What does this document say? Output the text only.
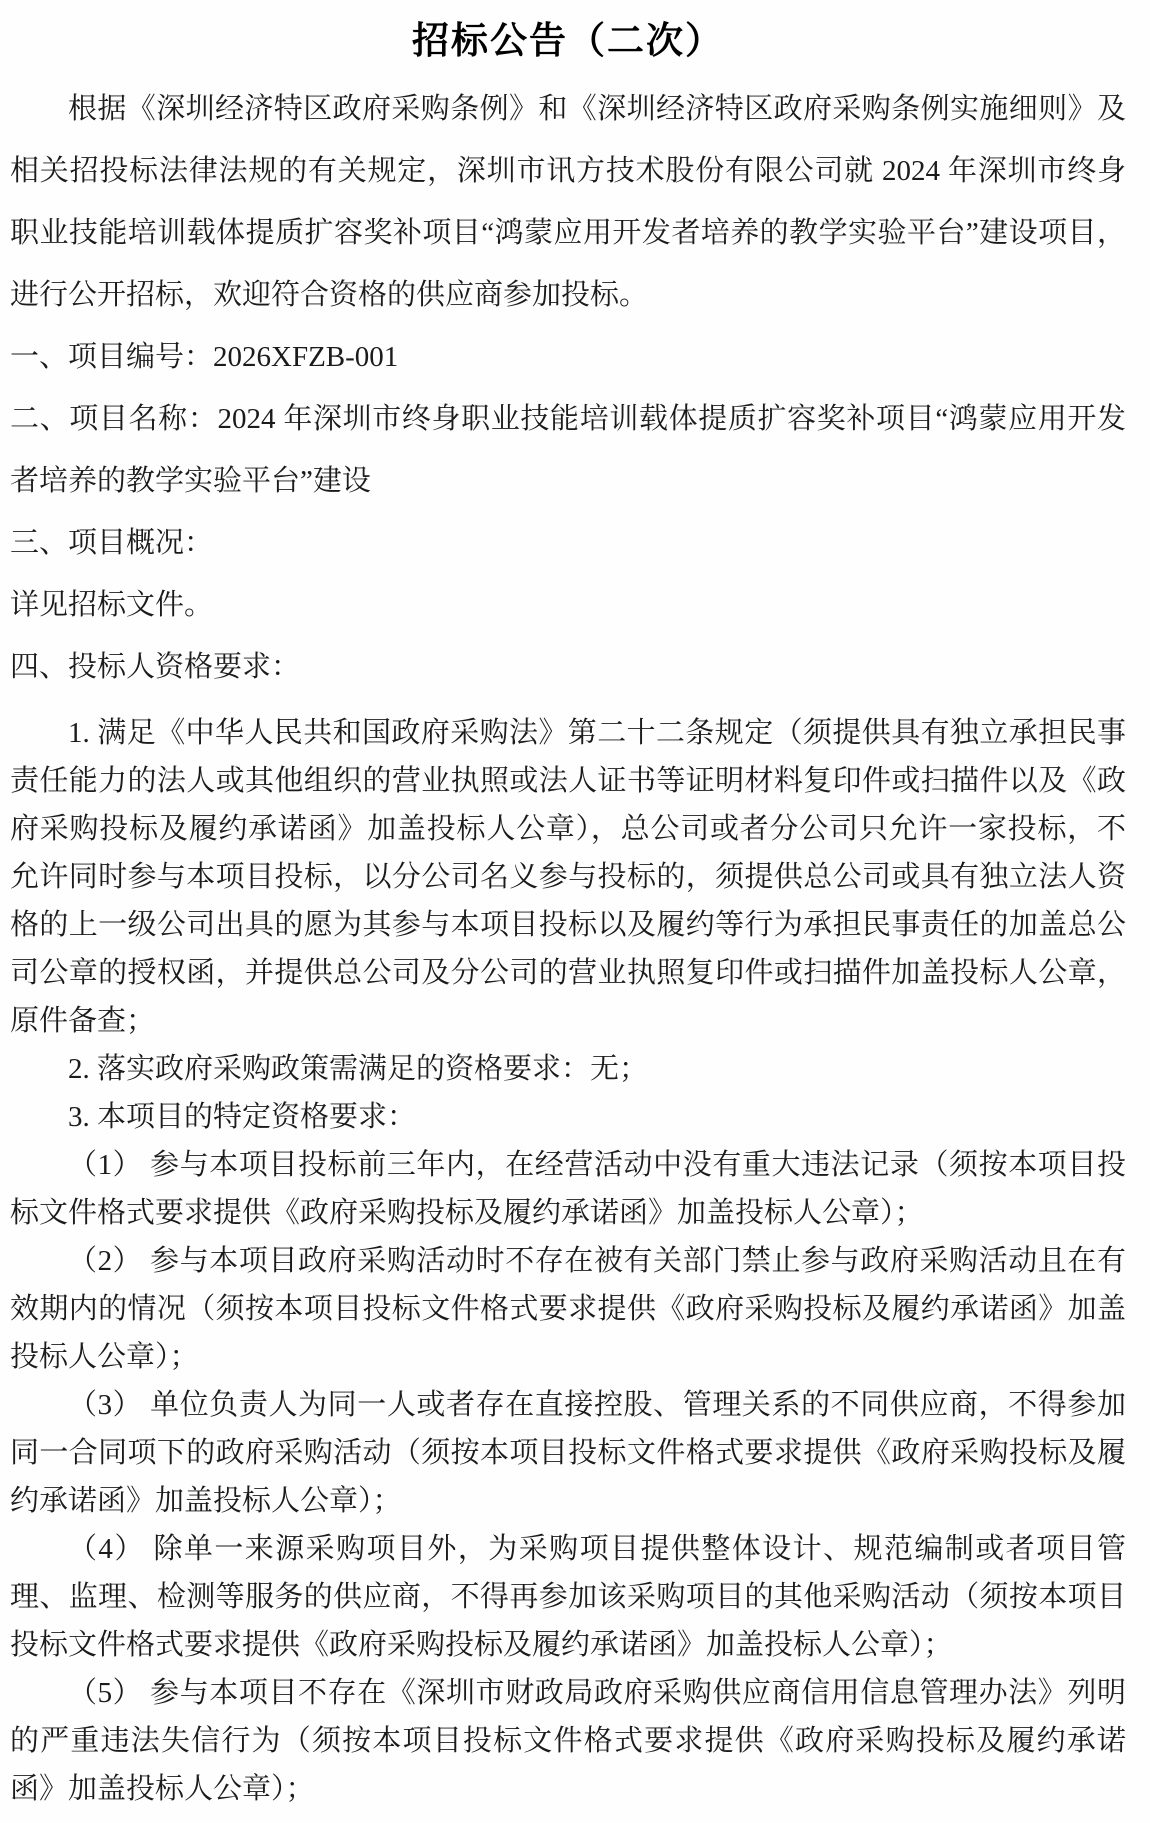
招标公告（二次）

根据《深圳经济特区政府采购条例》和《深圳经济特区政府采购条例实施细则》及相关招投标法律法规的有关规定，深圳市讯方技术股份有限公司就 2024 年深圳市终身职业技能培训载体提质扩容奖补项目“鸿蒙应用开发者培养的教学实验平台”建设项目，进行公开招标，欢迎符合资格的供应商参加投标。

一、项目编号：2026XFZB-001

二、项目名称：2024 年深圳市终身职业技能培训载体提质扩容奖补项目“鸿蒙应用开发者培养的教学实验平台”建设

三、项目概况：

详见招标文件。

四、投标人资格要求：

1. 满足《中华人民共和国政府采购法》第二十二条规定（须提供具有独立承担民事责任能力的法人或其他组织的营业执照或法人证书等证明材料复印件或扫描件以及《政府采购投标及履约承诺函》加盖投标人公章），总公司或者分公司只允许一家投标，不允许同时参与本项目投标，以分公司名义参与投标的，须提供总公司或具有独立法人资格的上一级公司出具的愿为其参与本项目投标以及履约等行为承担民事责任的加盖总公司公章的授权函，并提供总公司及分公司的营业执照复印件或扫描件加盖投标人公章，原件备查；

2. 落实政府采购政策需满足的资格要求：无；

3. 本项目的特定资格要求：

（1） 参与本项目投标前三年内，在经营活动中没有重大违法记录（须按本项目投标文件格式要求提供《政府采购投标及履约承诺函》加盖投标人公章）；

（2） 参与本项目政府采购活动时不存在被有关部门禁止参与政府采购活动且在有效期内的情况（须按本项目投标文件格式要求提供《政府采购投标及履约承诺函》加盖投标人公章）；

（3） 单位负责人为同一人或者存在直接控股、管理关系的不同供应商，不得参加同一合同项下的政府采购活动（须按本项目投标文件格式要求提供《政府采购投标及履约承诺函》加盖投标人公章）；

（4） 除单一来源采购项目外，为采购项目提供整体设计、规范编制或者项目管理、监理、检测等服务的供应商，不得再参加该采购项目的其他采购活动（须按本项目投标文件格式要求提供《政府采购投标及履约承诺函》加盖投标人公章）；

（5） 参与本项目不存在《深圳市财政局政府采购供应商信用信息管理办法》列明的严重违法失信行为（须按本项目投标文件格式要求提供《政府采购投标及履约承诺函》加盖投标人公章）；
